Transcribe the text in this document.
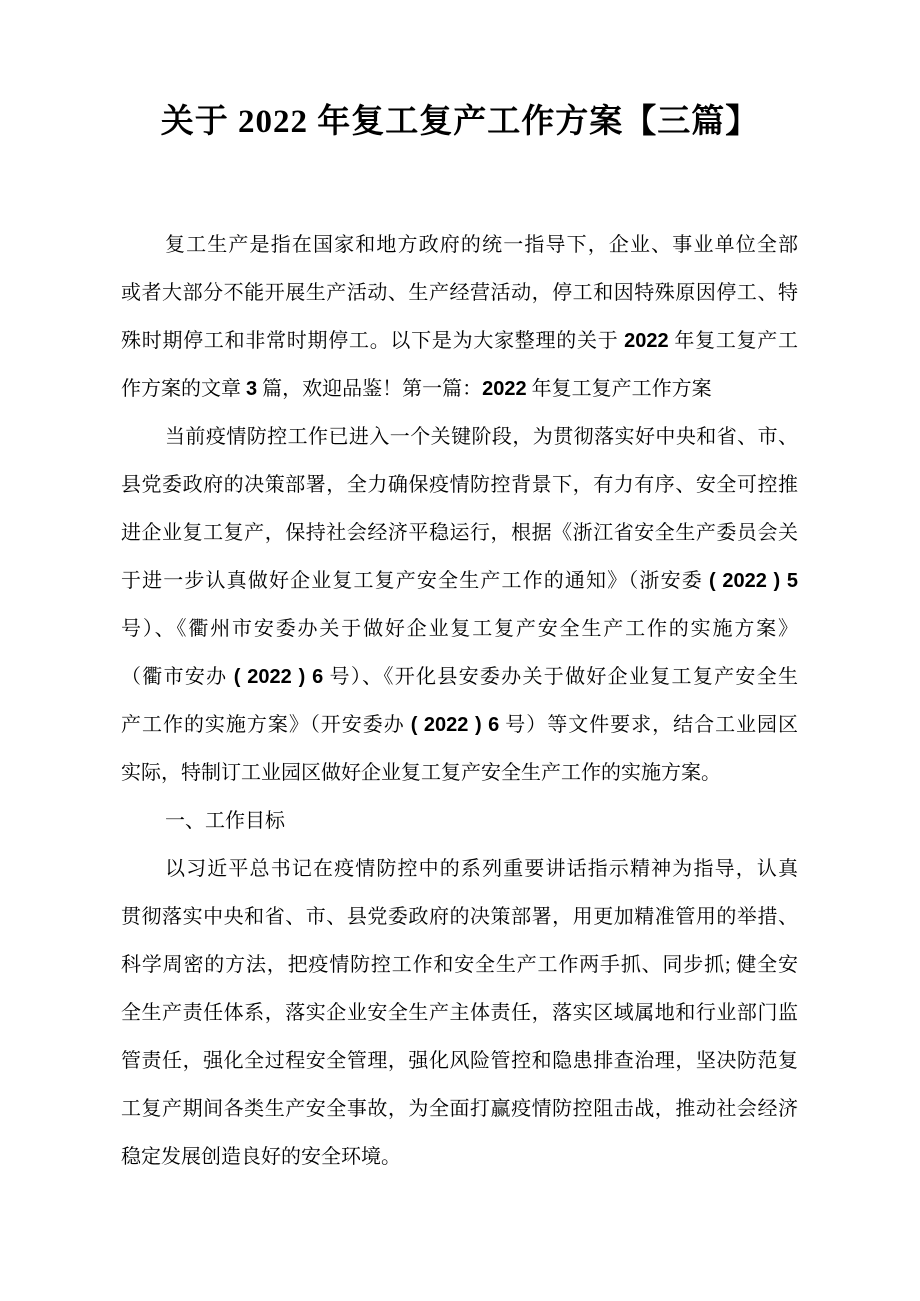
关于 2022 年复工复产工作方案【三篇】
复工生产是指在国家和地方政府的统一指导下，企业、事业单位全部
或者大部分不能开展生产活动、生产经营活动，停工和因特殊原因停工、特
殊时期停工和非常时期停工。以下是为大家整理的关于 2022 年复工复产工
作方案的文章 3 篇，欢迎品鉴！第一篇：2022 年复工复产工作方案
当前疫情防控工作已进入一个关键阶段，为贯彻落实好中央和省、市、
县党委政府的决策部署，全力确保疫情防控背景下，有力有序、安全可控推
进企业复工复产，保持社会经济平稳运行，根据《浙江省安全生产委员会关
于进一步认真做好企业复工复产安全生产工作的通知》（浙安委 ( 2022 ) 5
号）、《衢州市安委办关于做好企业复工复产安全生产工作的实施方案》
（衢市安办 ( 2022 ) 6 号）、《开化县安委办关于做好企业复工复产安全生
产工作的实施方案》（开安委办 ( 2022 ) 6 号）等文件要求，结合工业园区
实际，特制订工业园区做好企业复工复产安全生产工作的实施方案。
一、工作目标
以习近平总书记在疫情防控中的系列重要讲话指示精神为指导，认真
贯彻落实中央和省、市、县党委政府的决策部署，用更加精准管用的举措、
科学周密的方法，把疫情防控工作和安全生产工作两手抓、同步抓; 健全安
全生产责任体系，落实企业安全生产主体责任，落实区域属地和行业部门监
管责任，强化全过程安全管理，强化风险管控和隐患排查治理，坚决防范复
工复产期间各类生产安全事故，为全面打赢疫情防控阻击战，推动社会经济
稳定发展创造良好的安全环境。
